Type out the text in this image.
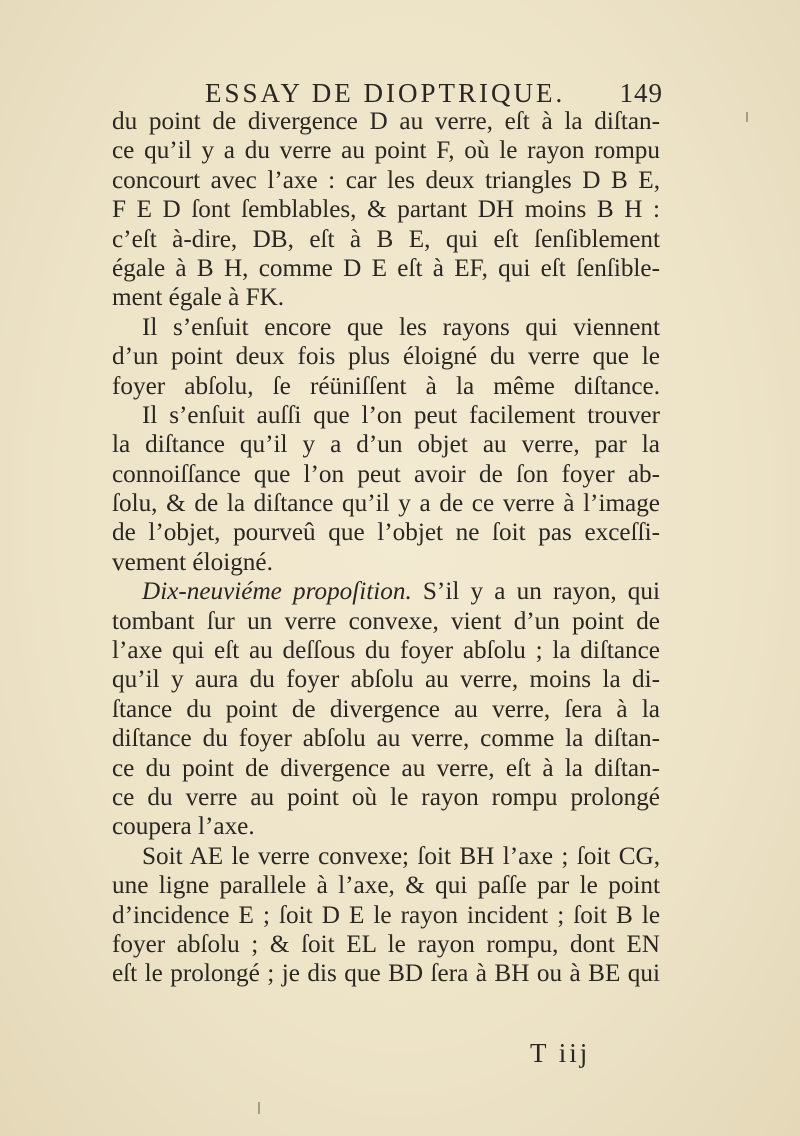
ESSAY DE DIOPTRIQUE. 149
du point de divergence D au verre, eſt à la diſtan-
ce qu’il y a du verre au point F, où le rayon rompu
concourt avec l’axe : car les deux triangles D B E,
F E D ſont ſemblables, & partant DH moins B H :
c’eſt à-dire, DB, eſt à B E, qui eſt ſenſiblement
égale à B H, comme D E eſt à EF, qui eſt ſenſible-
ment égale à FK.
Il s’enſuit encore que les rayons qui viennent
d’un point deux fois plus éloigné du verre que le
foyer abſolu, ſe réüniſſent à la même diſtance.
Il s’enſuit auſſi que l’on peut facilement trouver
la diſtance qu’il y a d’un objet au verre, par la
connoiſſance que l’on peut avoir de ſon foyer ab-
ſolu, & de la diſtance qu’il y a de ce verre à l’image
de l’objet, pourveû que l’objet ne ſoit pas exceſſi-
vement éloigné.
Dix-neuviéme propoſition. S’il y a un rayon, qui
tombant ſur un verre convexe, vient d’un point de
l’axe qui eſt au deſſous du foyer abſolu ; la diſtance
qu’il y aura du foyer abſolu au verre, moins la di-
ſtance du point de divergence au verre, ſera à la
diſtance du foyer abſolu au verre, comme la diſtan-
ce du point de divergence au verre, eſt à la diſtan-
ce du verre au point où le rayon rompu prolongé
coupera l’axe.
Soit AE le verre convexe; ſoit BH l’axe ; ſoit CG,
une ligne parallele à l’axe, & qui paſſe par le point
d’incidence E ; ſoit D E le rayon incident ; ſoit B le
foyer abſolu ; & ſoit EL le rayon rompu, dont EN
eſt le prolongé ; je dis que BD ſera à BH ou à BE qui
T iij
